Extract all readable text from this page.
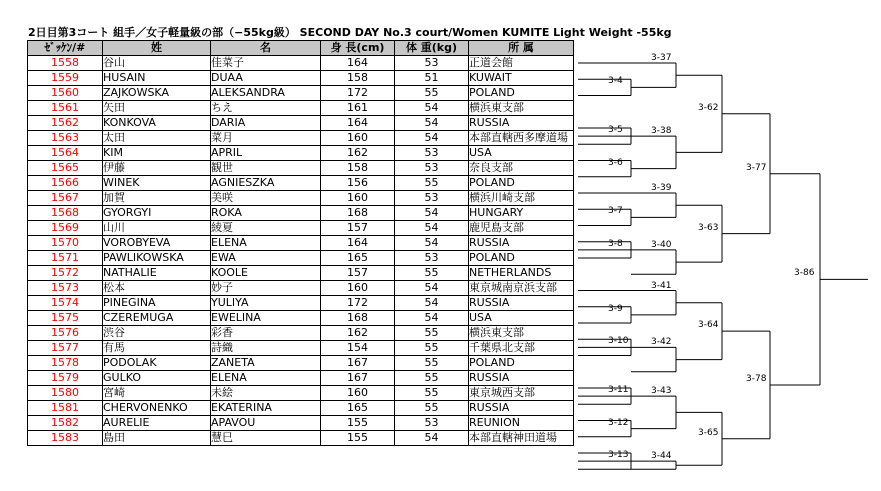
2日目第3コート 組手／女子軽量級の部（−55kg級） SECOND DAY No.3 court/Women KUMITE Light Weight -55kg
ｾﾞｯｹﾝ/#	姓	名	身 長(cm)	体 重(kg)	所 属
1558	谷山	佳菜子	164	53	正道会館
1559	HUSAIN	DUAA	158	51	KUWAIT
1560	ZAJKOWSKA	ALEKSANDRA	172	55	POLAND
1561	矢田	ちえ	161	54	横浜東支部
1562	KONKOVA	DARIA	164	54	RUSSIA
1563	太田	菜月	160	54	本部直轄西多摩道場
1564	KIM	APRIL	162	53	USA
1565	伊藤	観世	158	53	奈良支部
1566	WINEK	AGNIESZKA	156	55	POLAND
1567	加賀	美咲	160	53	横浜川崎支部
1568	GYORGYI	ROKA	168	54	HUNGARY
1569	山川	綾夏	157	54	鹿児島支部
1570	VOROBYEVA	ELENA	164	54	RUSSIA
1571	PAWLIKOWSKA	EWA	165	53	POLAND
1572	NATHALIE	KOOLE	157	55	NETHERLANDS
1573	松本	妙子	160	54	東京城南京浜支部
1574	PINEGINA	YULIYA	172	54	RUSSIA
1575	CZEREMUGA	EWELINA	168	54	USA
1576	渋谷	彩香	162	55	横浜東支部
1577	有馬	詩織	154	55	千葉県北支部
1578	PODOLAK	ZANETA	167	55	POLAND
1579	GULKO	ELENA	167	55	RUSSIA
1580	宮崎	未絵	160	55	東京城西支部
1581	CHERVONENKO	EKATERINA	165	55	RUSSIA
1582	AURELIE	APAVOU	155	53	REUNION
1583	島田	慧巳	155	54	本部直轄神田道場
3-4
3-5
3-6
3-7
3-8
3-9
3-10
3-11
3-12
3-13
3-37
3-38
3-39
3-40
3-41
3-42
3-43
3-44
3-62
3-63
3-64
3-65
3-77
3-78
3-86
